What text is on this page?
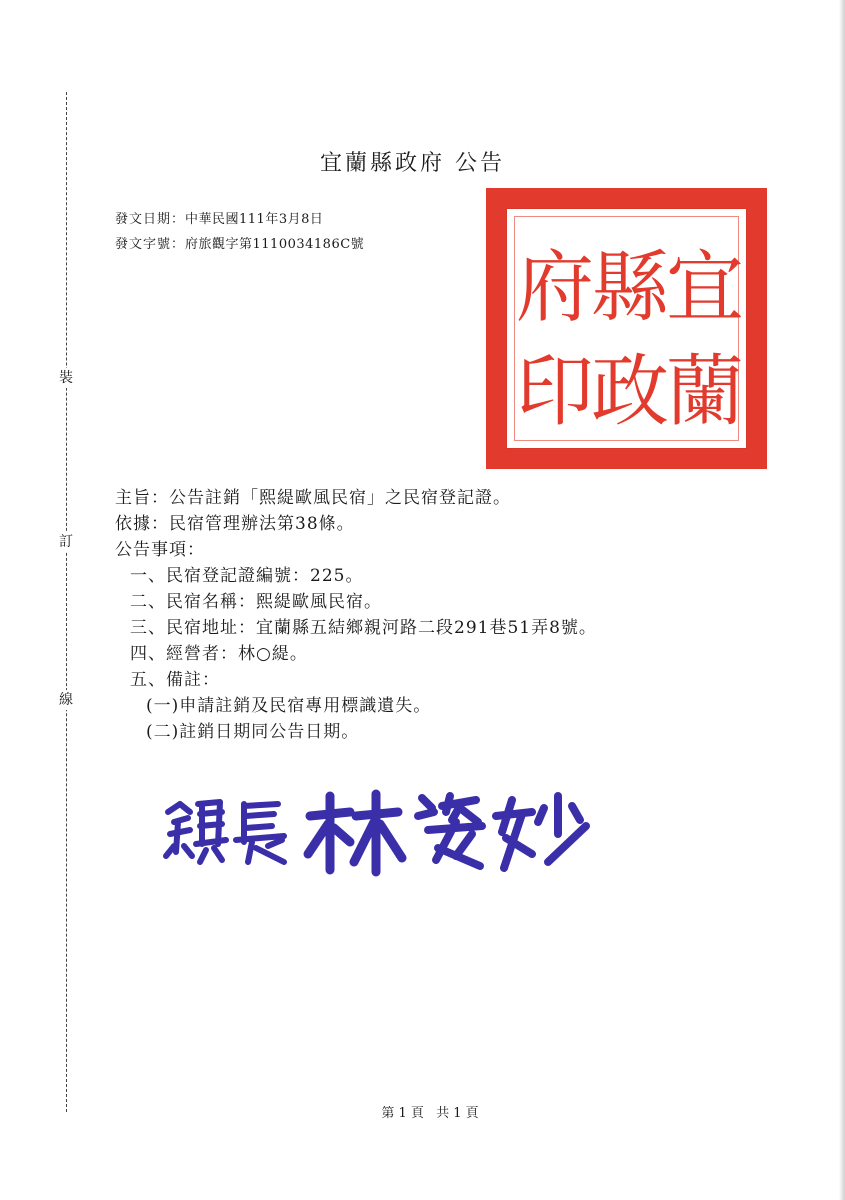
裝
訂
線
宜蘭縣政府 公告
發文日期：中華民國111年3月8日
發文字號：府旅觀字第1110034186C號	宜
蘭
縣
政
府
印
主旨：公告註銷「熙緹歐風民宿」之民宿登記證。
依據：民宿管理辦法第38條。
公告事項：
一、民宿登記證編號：225。
二、民宿名稱：熙緹歐風民宿。
三、民宿地址：宜蘭縣五結鄉親河路二段291巷51弄8號。
四、經營者：林○緹。
五、備註：
(一)申請註銷及民宿專用標識遺失。
(二)註銷日期同公告日期。
第 1 頁 共 1 頁
